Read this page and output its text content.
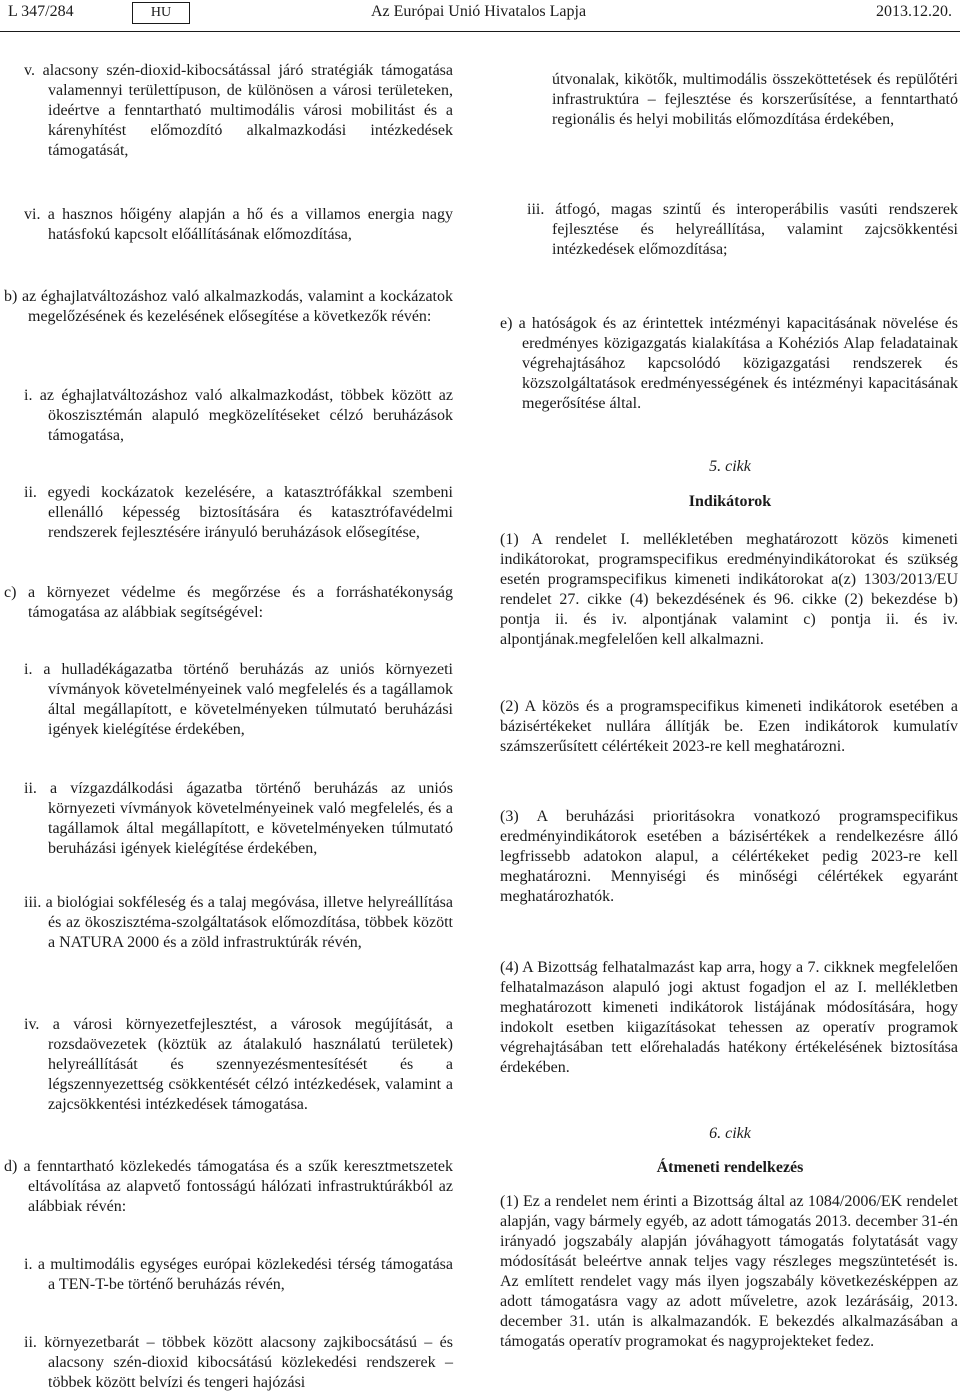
L 347/284	HU	Az Európai Unió Hivatalos Lapja	2013.12.20.
v. alacsony szén-dioxid-kibocsátással járó stratégiák támogatása valamennyi területtípuson, de különösen a városi területeken, ideértve a fenntartható multimodális városi mobilitást és a kárenyhítést előmozdító alkalmazkodási intézkedések támogatását,
vi. a hasznos hőigény alapján a hő és a villamos energia nagy hatásfokú kapcsolt előállításának előmozdítása,
b) az éghajlatváltozáshoz való alkalmazkodás, valamint a kockázatok megelőzésének és kezelésének elősegítése a következők révén:
i. az éghajlatváltozáshoz való alkalmazkodást, többek között az ökoszisztémán alapuló megközelítéseket célzó beruházások támogatása,
ii. egyedi kockázatok kezelésére, a katasztrófákkal szembeni ellenálló képesség biztosítására és katasztrófavédelmi rendszerek fejlesztésére irányuló beruházások elősegítése,
c) a környezet védelme és megőrzése és a forráshatékonyság támogatása az alábbiak segítségével:
i. a hulladékágazatba történő beruházás az uniós környezeti vívmányok követelményeinek való megfelelés és a tagállamok által megállapított, e követelményeken túlmutató beruházási igények kielégítése érdekében,
ii. a vízgazdálkodási ágazatba történő beruházás az uniós környezeti vívmányok követelményeinek való megfelelés, és a tagállamok által megállapított, e követelményeken túlmutató beruházási igények kielégítése érdekében,
iii. a biológiai sokféleség és a talaj megóvása, illetve helyreállítása és az ökoszisztéma-szolgáltatások előmozdítása, többek között a NATURA 2000 és a zöld infrastruktúrák révén,
iv. a városi környezetfejlesztést, a városok megújítását, a rozsdaövezetek (köztük az átalakuló használatú területek) helyreállítását és szennyezésmentesítését és a légszennyezettség csökkentését célzó intézkedések, valamint a zajcsökkentési intézkedések támogatása.
d) a fenntartható közlekedés támogatása és a szűk keresztmetszetek eltávolítása az alapvető fontosságú hálózati infrastruktúrákból az alábbiak révén:
i. a multimodális egységes európai közlekedési térség támogatása a TEN-T-be történő beruházás révén,
ii. környezetbarát – többek között alacsony zajkibocsátású – és alacsony szén-dioxid kibocsátású közlekedési rendszerek – többek között belvízi és tengeri hajózási
útvonalak, kikötők, multimodális összeköttetések és repülőtéri infrastruktúra – fejlesztése és korszerűsítése, a fenntartható regionális és helyi mobilitás előmozdítása érdekében,
iii. átfogó, magas szintű és interoperábilis vasúti rendszerek fejlesztése és helyreállítása, valamint zajcsökkentési intézkedések előmozdítása;
e) a hatóságok és az érintettek intézményi kapacitásának növelése és eredményes közigazgatás kialakítása a Kohéziós Alap feladatainak végrehajtásához kapcsolódó közigazgatási rendszerek és közszolgáltatások eredményességének és intézményi kapacitásának megerősítése által.
(1) A rendelet I. mellékletében meghatározott közös kimeneti indikátorokat, programspecifikus eredményindikátorokat és szükség esetén programspecifikus kimeneti indikátorokat a(z) 1303/2013/EU rendelet 27. cikke (4) bekezdésének és 96. cikke (2) bekezdése b) pontja ii. és iv. alpontjának valamint c) pontja ii. és iv. alpontjának.megfelelően kell alkalmazni.
(2) A közös és a programspecifikus kimeneti indikátorok esetében a bázisértékeket nullára állítják be. Ezen indikátorok kumulatív számszerűsített célértékeit 2023-re kell meghatározni.
(3) A beruházási prioritásokra vonatkozó programspecifikus eredményindikátorok esetében a bázisértékek a rendelkezésre álló legfrissebb adatokon alapul, a célértékeket pedig 2023-re kell meghatározni. Mennyiségi és minőségi célértékek egyaránt meghatározhatók.
(4) A Bizottság felhatalmazást kap arra, hogy a 7. cikknek megfelelően felhatalmazáson alapuló jogi aktust fogadjon el az I. mellékletben meghatározott kimeneti indikátorok listájának módosítására, hogy indokolt esetben kiigazításokat tehessen az operatív programok végrehajtásában tett előrehaladás hatékony értékelésének biztosítása érdekében.
(1) Ez a rendelet nem érinti a Bizottság által az 1084/2006/EK rendelet alapján, vagy bármely egyéb, az adott támogatás 2013. december 31-én irányadó jogszabály alapján jóváhagyott támogatás folytatását vagy módosítását beleértve annak teljes vagy részleges megszüntetését is. Az említett rendelet vagy más ilyen jogszabály következésképpen az adott támogatásra vagy az adott műveletre, azok lezárásáig, 2013. december 31. után is alkalmazandók. E bekezdés alkalmazásában a támogatás operatív programokat és nagyprojekteket fedez.
5. cikk
Indikátorok
6. cikk
Átmeneti rendelkezés
